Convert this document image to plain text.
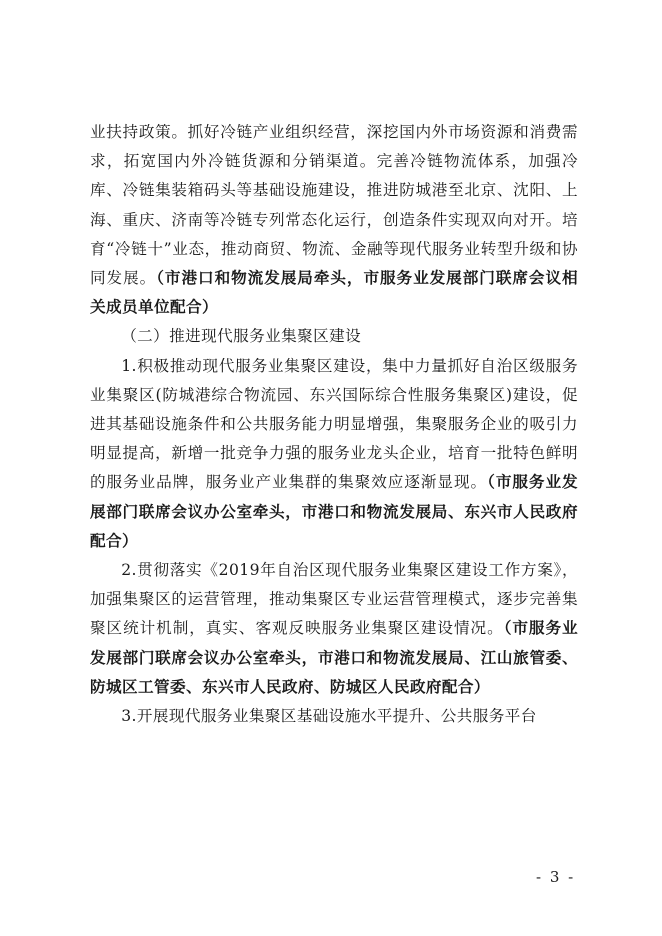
业扶持政策。抓好冷链产业组织经营，深挖国内外市场资源和消费需求，拓宽国内外冷链货源和分销渠道。完善冷链物流体系，加强冷库、冷链集装箱码头等基础设施建设，推进防城港至北京、沈阳、上海、重庆、济南等冷链专列常态化运行，创造条件实现双向对开。培育“冷链十”业态，推动商贸、物流、金融等现代服务业转型升级和协同发展。（市港口和物流发展局牵头，市服务业发展部门联席会议相关成员单位配合）

（二）推进现代服务业集聚区建设

1.积极推动现代服务业集聚区建设，集中力量抓好自治区级服务业集聚区(防城港综合物流园、东兴国际综合性服务集聚区)建设，促进其基础设施条件和公共服务能力明显增强，集聚服务企业的吸引力明显提高，新增一批竞争力强的服务业龙头企业，培育一批特色鲜明的服务业品牌，服务业产业集群的集聚效应逐渐显现。（市服务业发展部门联席会议办公室牵头，市港口和物流发展局、东兴市人民政府配合）

2.贯彻落实《2019年自治区现代服务业集聚区建设工作方案》，加强集聚区的运营管理，推动集聚区专业运营管理模式，逐步完善集聚区统计机制，真实、客观反映服务业集聚区建设情况。（市服务业发展部门联席会议办公室牵头，市港口和物流发展局、江山旅管委、防城区工管委、东兴市人民政府、防城区人民政府配合）

3.开展现代服务业集聚区基础设施水平提升、公共服务平台

- 3 -
